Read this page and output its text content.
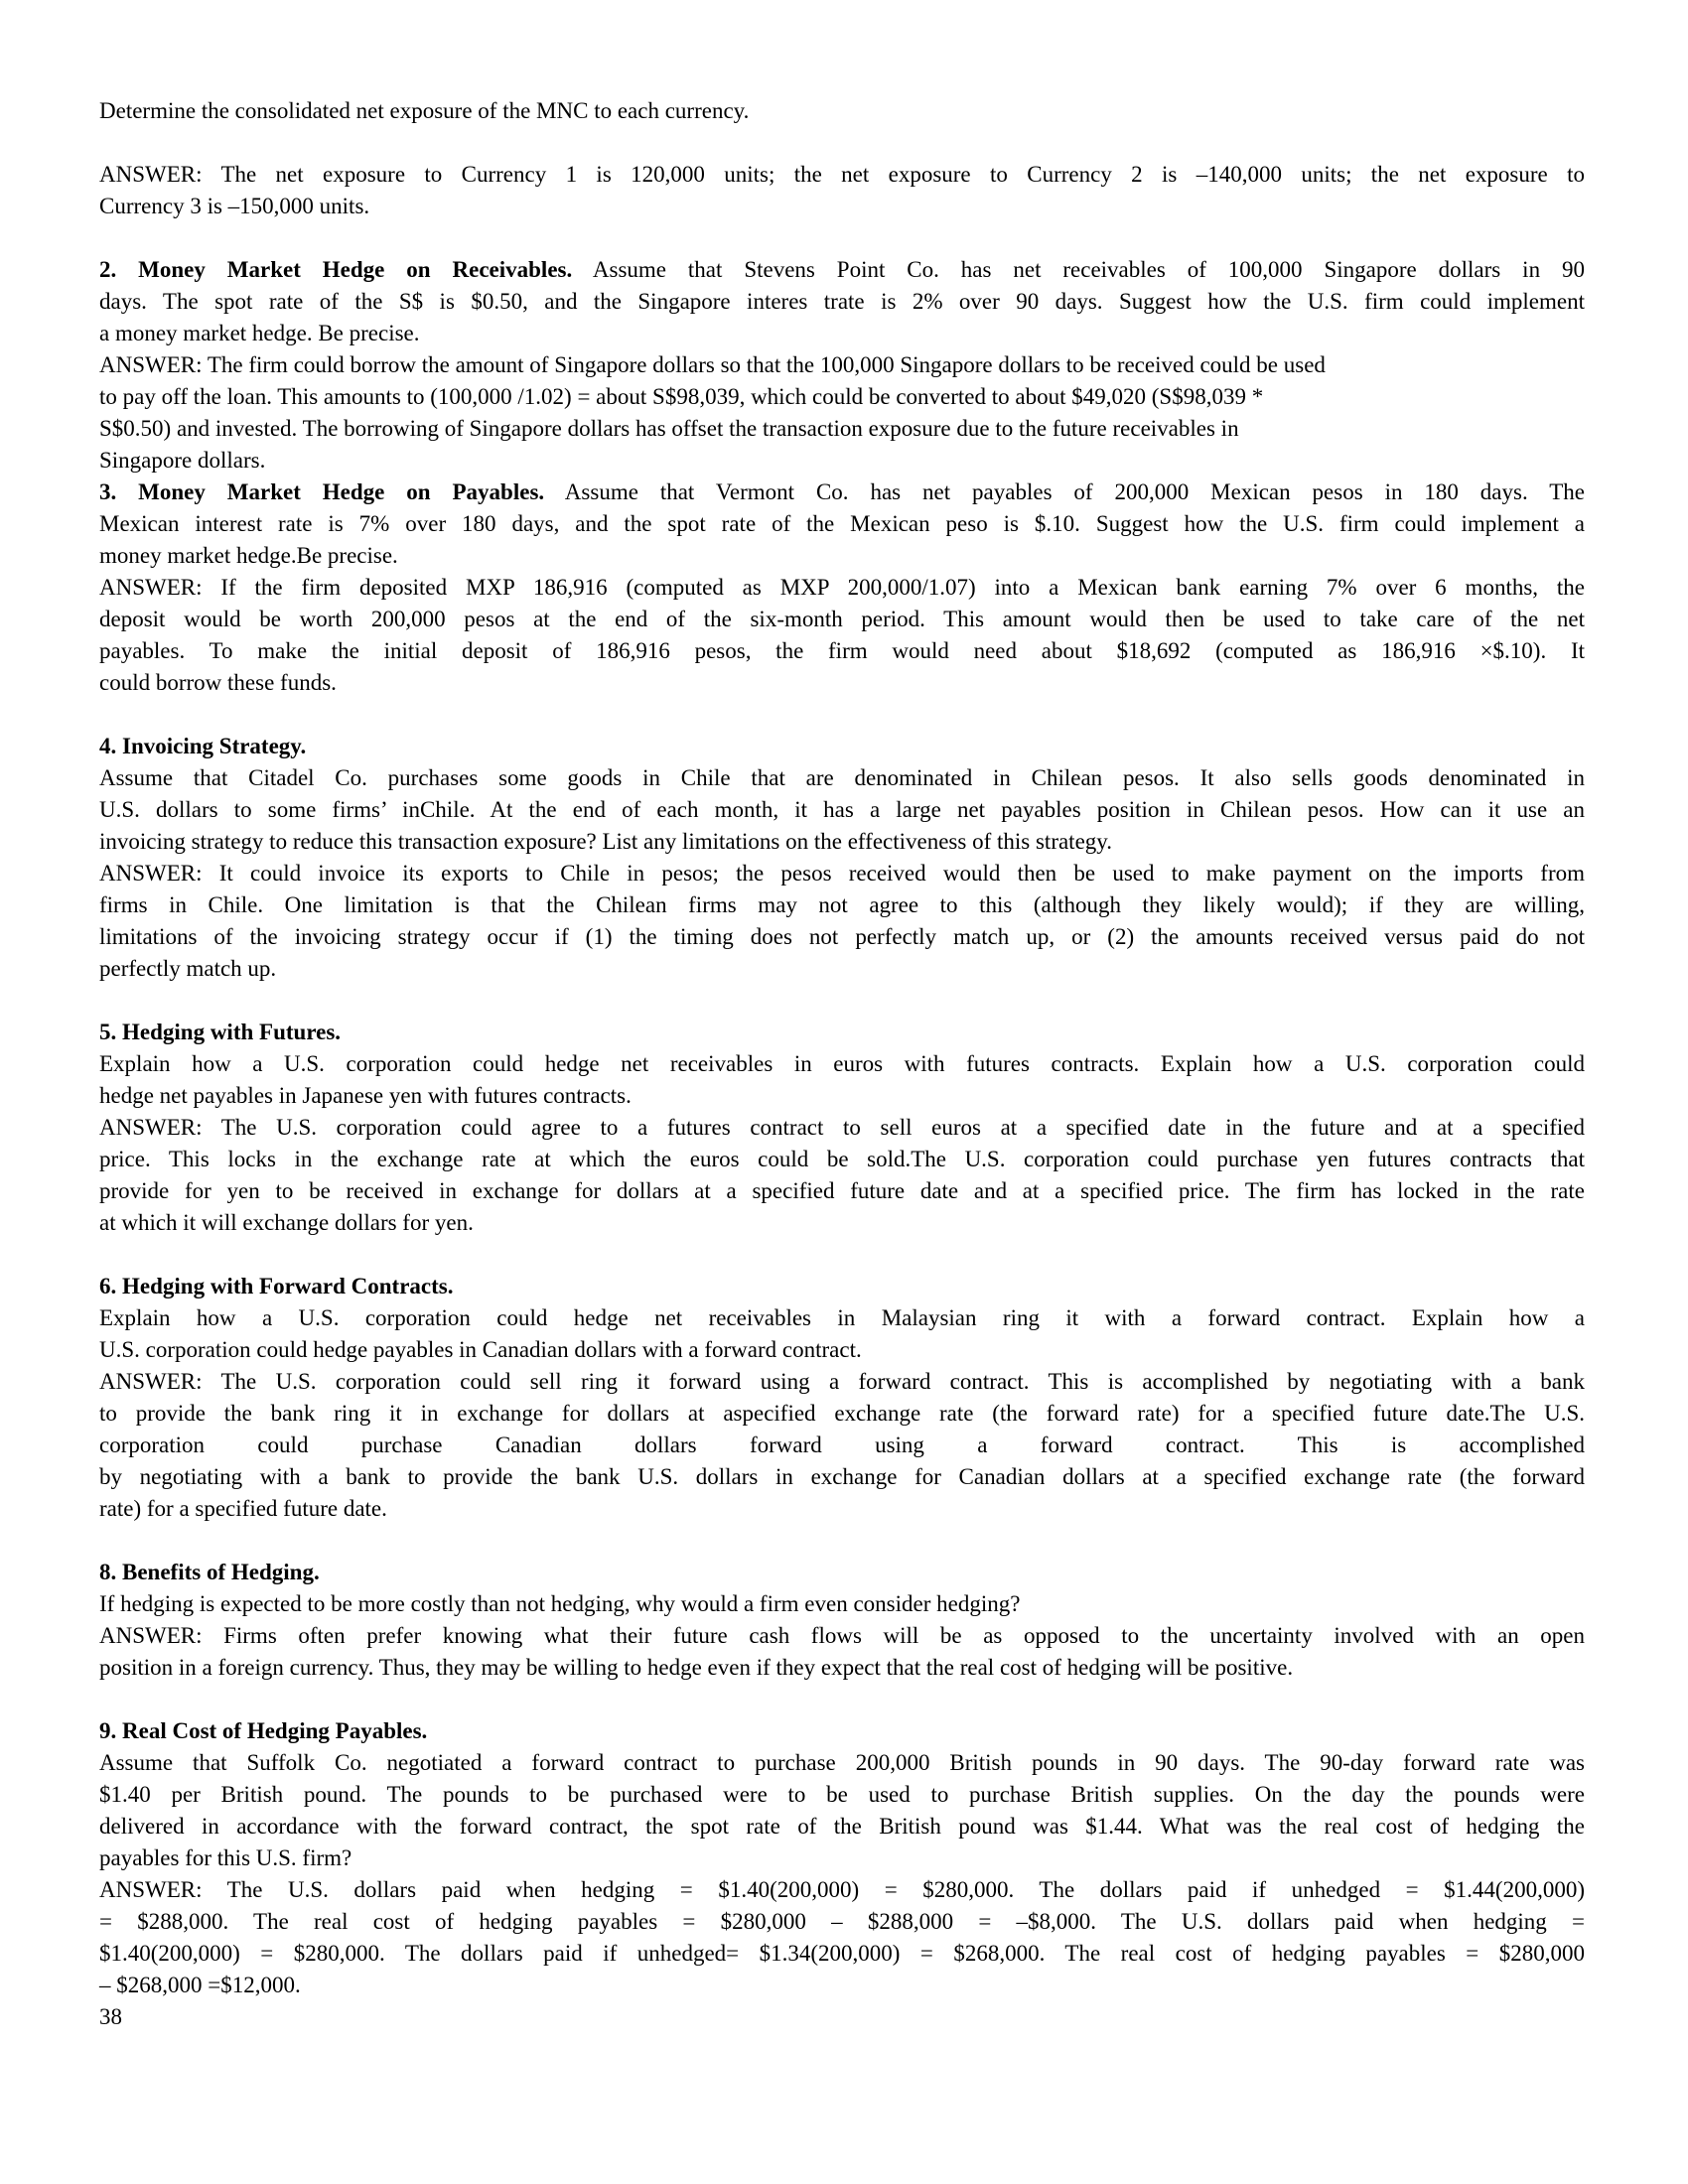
Determine the consolidated net exposure of the MNC to each currency.
ANSWER: The net exposure to Currency 1 is 120,000 units; the net exposure to Currency 2 is –140,000 units; the net exposure to
Currency 3 is –150,000 units.
2. Money Market Hedge on Receivables. Assume that Stevens Point Co. has net receivables of 100,000 Singapore dollars in 90
days. The spot rate of the S$ is $0.50, and the Singapore interes trate is 2% over 90 days. Suggest how the U.S. firm could implement
a money market hedge. Be precise.
ANSWER: The firm could borrow the amount of Singapore dollars so that the 100,000 Singapore dollars to be received could be used
to pay off the loan. This amounts to (100,000 /1.02) = about S$98,039, which could be converted to about $49,020 (S$98,039 *
S$0.50) and invested. The borrowing of Singapore dollars has offset the transaction exposure due to the future receivables in
Singapore dollars.
3. Money Market Hedge on Payables. Assume that Vermont Co. has net payables of 200,000 Mexican pesos in 180 days. The
Mexican interest rate is 7% over 180 days, and the spot rate of the Mexican peso is $.10. Suggest how the U.S. firm could implement a
money market hedge.Be precise.
ANSWER: If the firm deposited MXP 186,916 (computed as MXP 200,000/1.07) into a Mexican bank earning 7% over 6 months, the
deposit would be worth 200,000 pesos at the end of the six-month period. This amount would then be used to take care of the net
payables. To make the initial deposit of 186,916 pesos, the firm would need about $18,692 (computed as 186,916 ×$.10). It
could borrow these funds.
4. Invoicing Strategy.
Assume that Citadel Co. purchases some goods in Chile that are denominated in Chilean pesos. It also sells goods denominated in
U.S. dollars to some firms’ inChile. At the end of each month, it has a large net payables position in Chilean pesos. How can it use an
invoicing strategy to reduce this transaction exposure? List any limitations on the effectiveness of this strategy.
ANSWER: It could invoice its exports to Chile in pesos; the pesos received would then be used to make payment on the imports from
firms in Chile. One limitation is that the Chilean firms may not agree to this (although they likely would); if they are willing,
limitations of the invoicing strategy occur if (1) the timing does not perfectly match up, or (2) the amounts received versus paid do not
perfectly match up.
5. Hedging with Futures.
Explain how a U.S. corporation could hedge net receivables in euros with futures contracts. Explain how a U.S. corporation could
hedge net payables in Japanese yen with futures contracts.
ANSWER: The U.S. corporation could agree to a futures contract to sell euros at a specified date in the future and at a specified
price. This locks in the exchange rate at which the euros could be sold.The U.S. corporation could purchase yen futures contracts that
provide for yen to be received in exchange for dollars at a specified future date and at a specified price. The firm has locked in the rate
at which it will exchange dollars for yen.
6. Hedging with Forward Contracts.
Explain how a U.S. corporation could hedge net receivables in Malaysian ring it with a forward contract. Explain how a
U.S. corporation could hedge payables in Canadian dollars with a forward contract.
ANSWER: The U.S. corporation could sell ring it forward using a forward contract. This is accomplished by negotiating with a bank
to provide the bank ring it in exchange for dollars at aspecified exchange rate (the forward rate) for a specified future date.The U.S.
corporation could purchase Canadian dollars forward using a forward contract. This is accomplished
by negotiating with a bank to provide the bank U.S. dollars in exchange for Canadian dollars at a specified exchange rate (the forward
rate) for a specified future date.
8. Benefits of Hedging.
If hedging is expected to be more costly than not hedging, why would a firm even consider hedging?
ANSWER: Firms often prefer knowing what their future cash flows will be as opposed to the uncertainty involved with an open
position in a foreign currency. Thus, they may be willing to hedge even if they expect that the real cost of hedging will be positive.
9. Real Cost of Hedging Payables.
Assume that Suffolk Co. negotiated a forward contract to purchase 200,000 British pounds in 90 days. The 90-day forward rate was
$1.40 per British pound. The pounds to be purchased were to be used to purchase British supplies. On the day the pounds were
delivered in accordance with the forward contract, the spot rate of the British pound was $1.44. What was the real cost of hedging the
payables for this U.S. firm?
ANSWER: The U.S. dollars paid when hedging = $1.40(200,000) = $280,000. The dollars paid if unhedged = $1.44(200,000)
= $288,000. The real cost of hedging payables = $280,000 – $288,000 = –$8,000. The U.S. dollars paid when hedging =
$1.40(200,000) = $280,000. The dollars paid if unhedged= $1.34(200,000) = $268,000. The real cost of hedging payables = $280,000
– $268,000 =$12,000.
38
